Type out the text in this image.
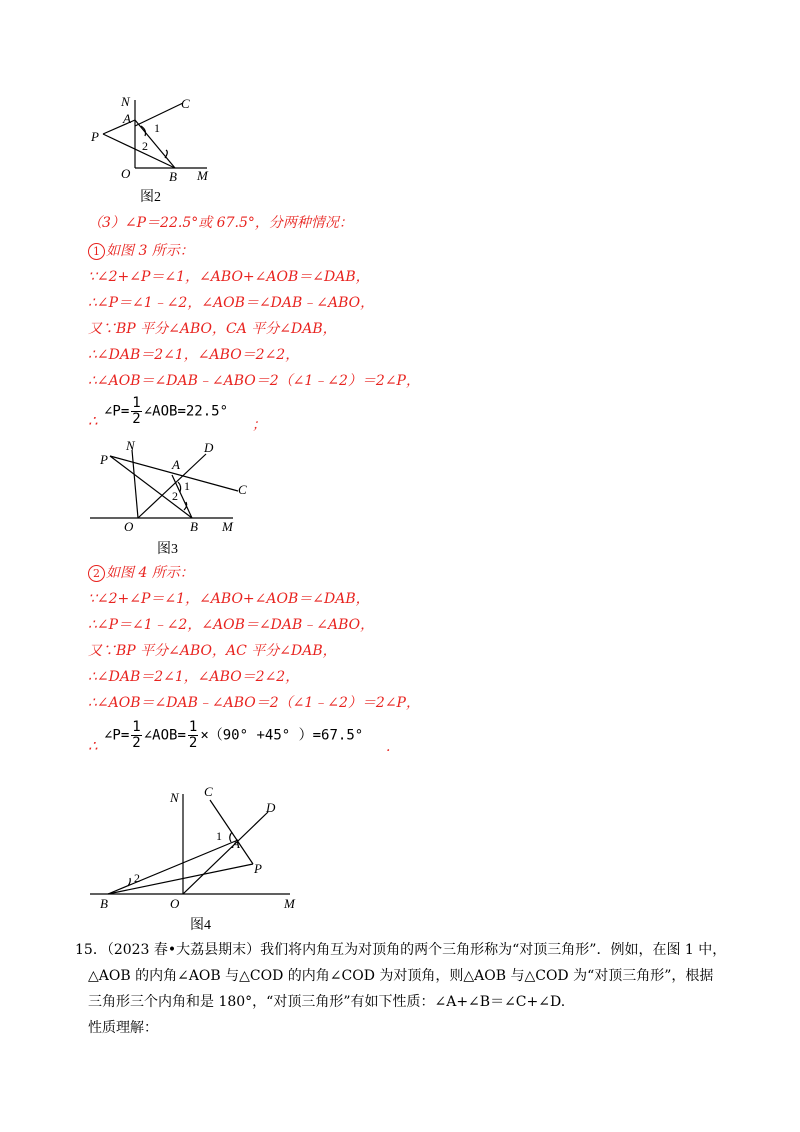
N
A
C
P
O	B M
1
2
图2
（3）∠P＝22.5°或 67.5°，分两种情况：
1 如图 3 所示：
∵∠2+∠P＝∠1，∠ABO+∠AOB＝∠DAB，
∴∠P＝∠1﹣∠2，∠AOB＝∠DAB﹣∠ABO，
又∵BP 平分∠ABO，CA 平分∠DAB，
∴∠DAB＝2∠1，∠ABO＝2∠2，
∴∠AOB＝∠DAB﹣∠ABO＝2（∠1﹣∠2）＝2∠P，
∴
∠P= $\frac{1}{2}$ ∠AOB=22.5°
；
N	D
P	A
C
O	B M
1
2
图3
2 如图 4 所示：
∵∠2+∠P＝∠1，∠ABO+∠AOB＝∠DAB，
∴∠P＝∠1﹣∠2，∠AOB＝∠DAB﹣∠ABO，
又∵BP 平分∠ABO，AC 平分∠DAB，
∴∠DAB＝2∠1，∠ABO＝2∠2，
∴∠AOB＝∠DAB﹣∠ABO＝2（∠1﹣∠2）＝2∠P，
∴
∠P= $\frac{1}{2}$ ∠AOB= $\frac{1}{2} \times(90^\circ +45^\circ$ ）=67.5°
.
N C
D
A
P
O
B	M
1
2
图4
15．（2023 春•大荔县期末）我们将内角互为对顶角的两个三角形称为“对顶三角形”．例如，在图 1 中，
△AOB 的内角∠AOB 与△COD 的内角∠COD 为对顶角，则△AOB 与△COD 为“对顶三角形”，根据
三角形三个内角和是 180°，“对顶三角形”有如下性质：∠A+∠B＝∠C+∠D.
性质理解：
